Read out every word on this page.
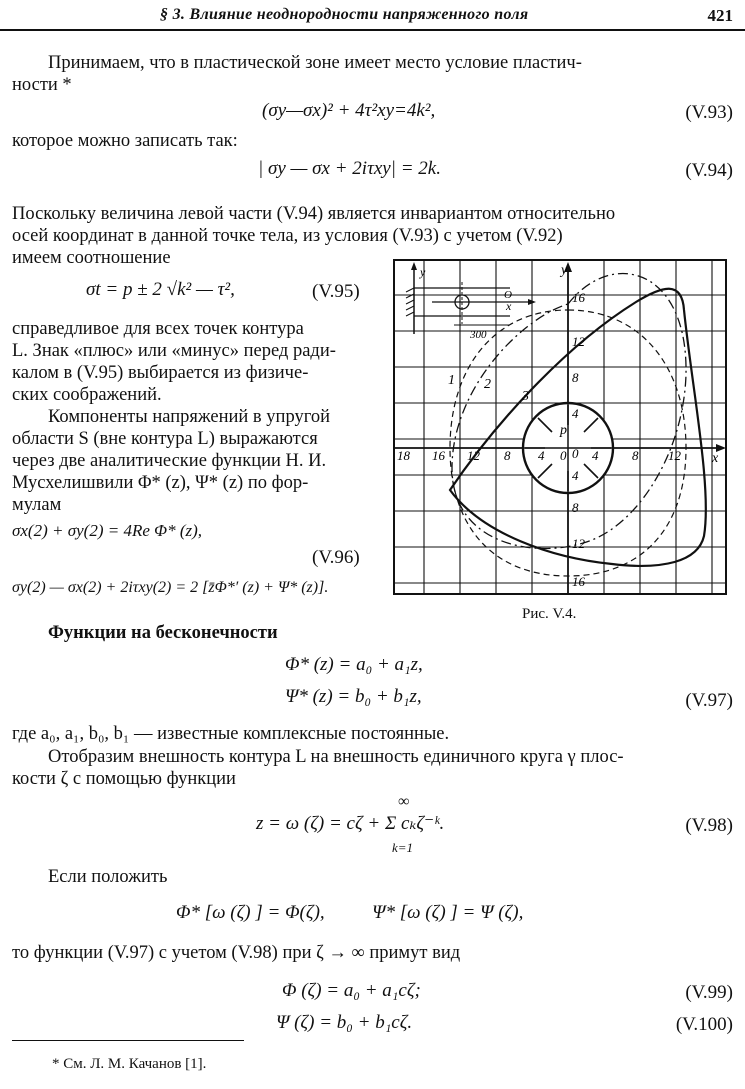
§ 3. Влияние неоднородности напряженного поля	421
Принимаем, что в пластической зоне имеет место условие пластич-
ности *
(σy—σx)² + 4τ²xy=4k²,	(V.93)
которое можно записать так:
| σy — σx + 2iτxy| = 2k.	(V.94)
Поскольку величина левой части (V.94) является инвариантом относительно
осей координат в данной точке тела, из условия (V.93) с учетом (V.92)
имеем соотношение
σt = p ± 2 √k² — τ²,	(V.95)
справедливое для всех точек контура
L. Знак «плюс» или «минус» перед ради-
калом в (V.95) выбирается из физиче-
ских соображений.
Компоненты напряжений в упругой
области S (вне контура L) выражаются
через две аналитические функции Н. И.
Мусхелишвили Φ* (z), Ψ* (z) по фор-
мулам
σx(2) + σy(2) = 4Re Φ* (z),
(V.96)
σy(2) — σx(2) + 2iτxy(2) = 2 [z̄Φ*′ (z) + Ψ* (z)].
Функции на бесконечности
Φ* (z) = a₀ + a₁z,
Ψ* (z) = b₀ + b₁z,	(V.97)
где a₀, a₁, b₀, b₁ — известные комплексные постоянные.
Отобразим внешность контура L на внешность единичного круга γ плос-
кости ζ с помощью функции
∞
z = ω (ζ) = cζ + Σ cₖζ⁻ᵏ.
k=1
(V.98)
Если положить
Φ* [ω (ζ) ] = Φ(ζ),          Ψ* [ω (ζ) ] = Ψ (ζ),
то функции (V.97) с учетом (V.98) при ζ → ∞ примут вид
Φ (ζ) = a₀ + a₁cζ;	(V.99)
Ψ (ζ) = b₀ + b₁cζ.	(V.100)
* См. Л. М. Качанов [1].
y
x
y
x
O
300
p
1 2
3
16
12
8
4
0
4
8
12
16
18 16 12 8 4 0 4	8 12
Рис. V.4.
